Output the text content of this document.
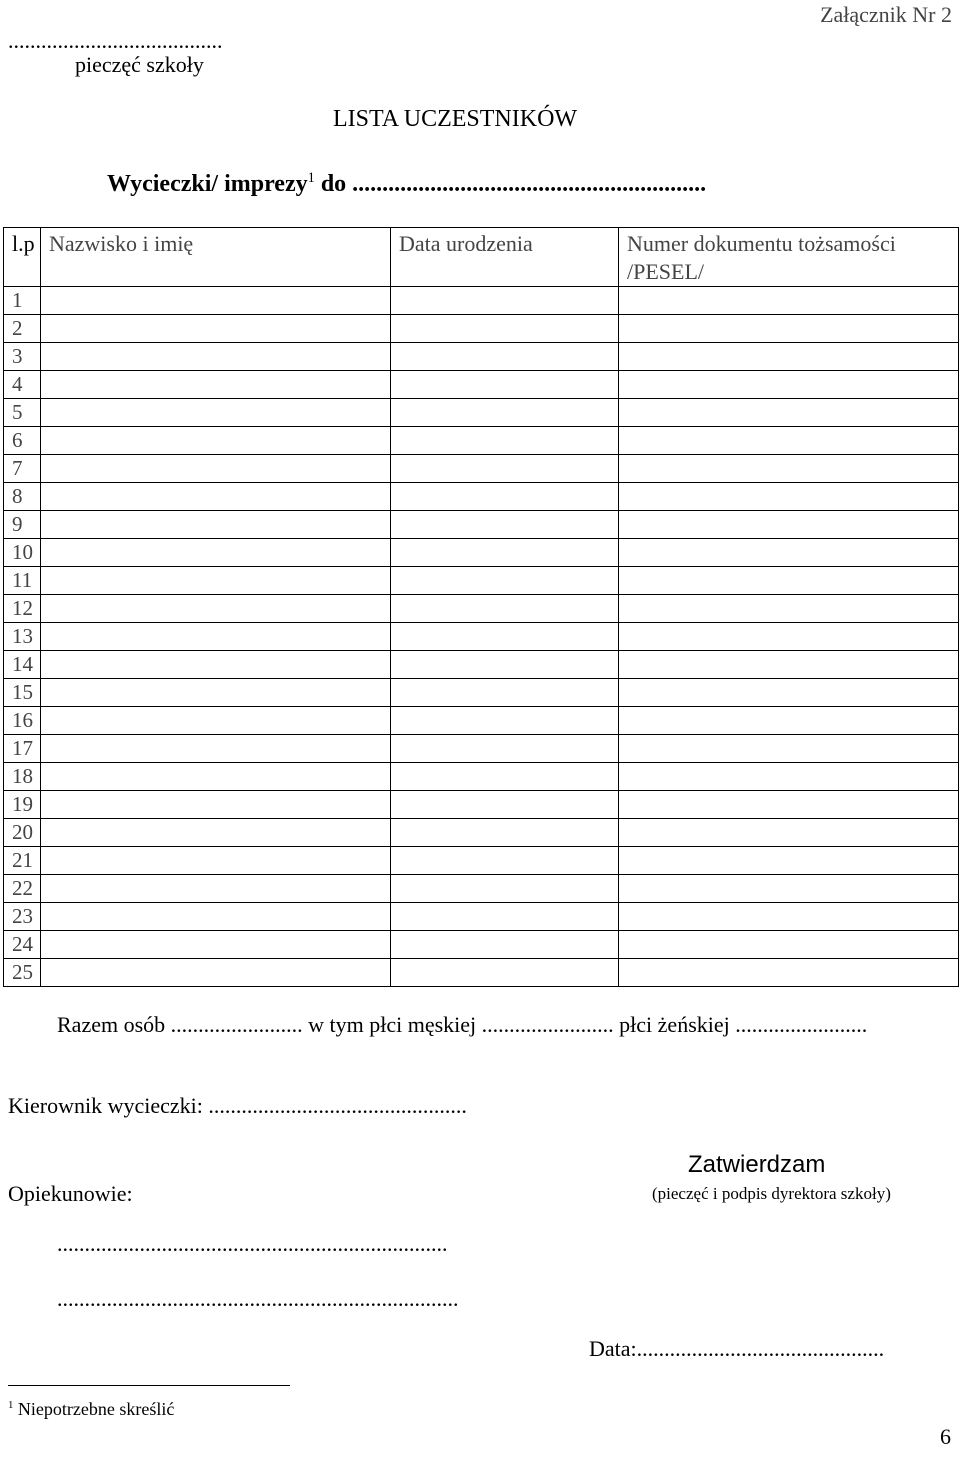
Załącznik Nr 2
.......................................
pieczęć szkoły
LISTA UCZESTNIKÓW
Wycieczki/ imprezy$^1$ do ...........................................................
l.p	Nazwisko i imię	Data urodzenia	Numer dokumentu tożsamości /PESEL/
1			
2			
3			
4			
5			
6			
7			
8			
9			
10			
11			
12			
13			
14			
15			
16			
17			
18			
19			
20			
21			
22			
23			
24			
25			
Razem osób ........................ w tym płci męskiej ........................ płci żeńskiej ........................
Kierownik wycieczki: ...............................................
Zatwierdzam
(pieczęć i podpis dyrektora szkoły)
Opiekunowie:
.......................................................................
.........................................................................
Data:.............................................
$^1$ Niepotrzebne skreślić
6
